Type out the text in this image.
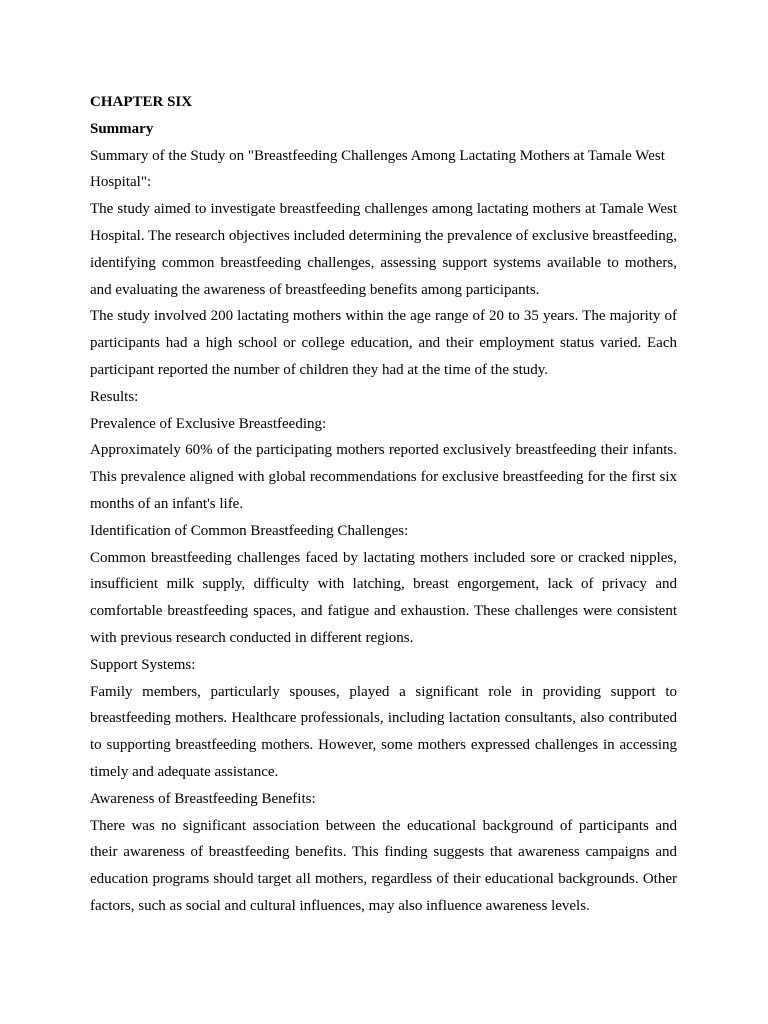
CHAPTER SIX

Summary

Summary of the Study on "Breastfeeding Challenges Among Lactating Mothers at Tamale West Hospital":

The study aimed to investigate breastfeeding challenges among lactating mothers at Tamale West Hospital. The research objectives included determining the prevalence of exclusive breastfeeding, identifying common breastfeeding challenges, assessing support systems available to mothers, and evaluating the awareness of breastfeeding benefits among participants.

The study involved 200 lactating mothers within the age range of 20 to 35 years. The majority of participants had a high school or college education, and their employment status varied. Each participant reported the number of children they had at the time of the study.

Results:

Prevalence of Exclusive Breastfeeding:

Approximately 60% of the participating mothers reported exclusively breastfeeding their infants. This prevalence aligned with global recommendations for exclusive breastfeeding for the first six months of an infant's life.

Identification of Common Breastfeeding Challenges:

Common breastfeeding challenges faced by lactating mothers included sore or cracked nipples, insufficient milk supply, difficulty with latching, breast engorgement, lack of privacy and comfortable breastfeeding spaces, and fatigue and exhaustion. These challenges were consistent with previous research conducted in different regions.

Support Systems:

Family members, particularly spouses, played a significant role in providing support to breastfeeding mothers. Healthcare professionals, including lactation consultants, also contributed to supporting breastfeeding mothers. However, some mothers expressed challenges in accessing timely and adequate assistance.

Awareness of Breastfeeding Benefits:

There was no significant association between the educational background of participants and their awareness of breastfeeding benefits. This finding suggests that awareness campaigns and education programs should target all mothers, regardless of their educational backgrounds. Other factors, such as social and cultural influences, may also influence awareness levels.
